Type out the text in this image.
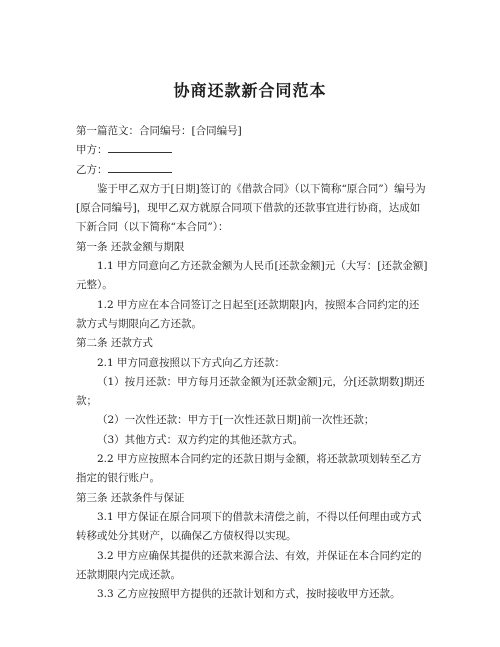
协商还款新合同范本

第一篇范文：合同编号：[合同编号]

甲方：

乙方：

鉴于甲乙双方于[日期]签订的《借款合同》（以下简称“原合同”）编号为[原合同编号]，现甲乙双方就原合同项下借款的还款事宜进行协商，达成如下新合同（以下简称“本合同”）：

第一条 还款金额与期限

1.1 甲方同意向乙方还款金额为人民币[还款金额]元（大写：[还款金额]元整）。

1.2 甲方应在本合同签订之日起至[还款期限]内，按照本合同约定的还款方式与期限向乙方还款。

第二条 还款方式

2.1 甲方同意按照以下方式向乙方还款：

（1）按月还款：甲方每月还款金额为[还款金额]元，分[还款期数]期还款；

（2）一次性还款：甲方于[一次性还款日期]前一次性还款；

（3）其他方式：双方约定的其他还款方式。

2.2 甲方应按照本合同约定的还款日期与金额，将还款款项划转至乙方指定的银行账户。

第三条 还款条件与保证

3.1 甲方保证在原合同项下的借款未清偿之前，不得以任何理由或方式转移或处分其财产，以确保乙方债权得以实现。

3.2 甲方应确保其提供的还款来源合法、有效，并保证在本合同约定的还款期限内完成还款。

3.3 乙方应按照甲方提供的还款计划和方式，按时接收甲方还款。
